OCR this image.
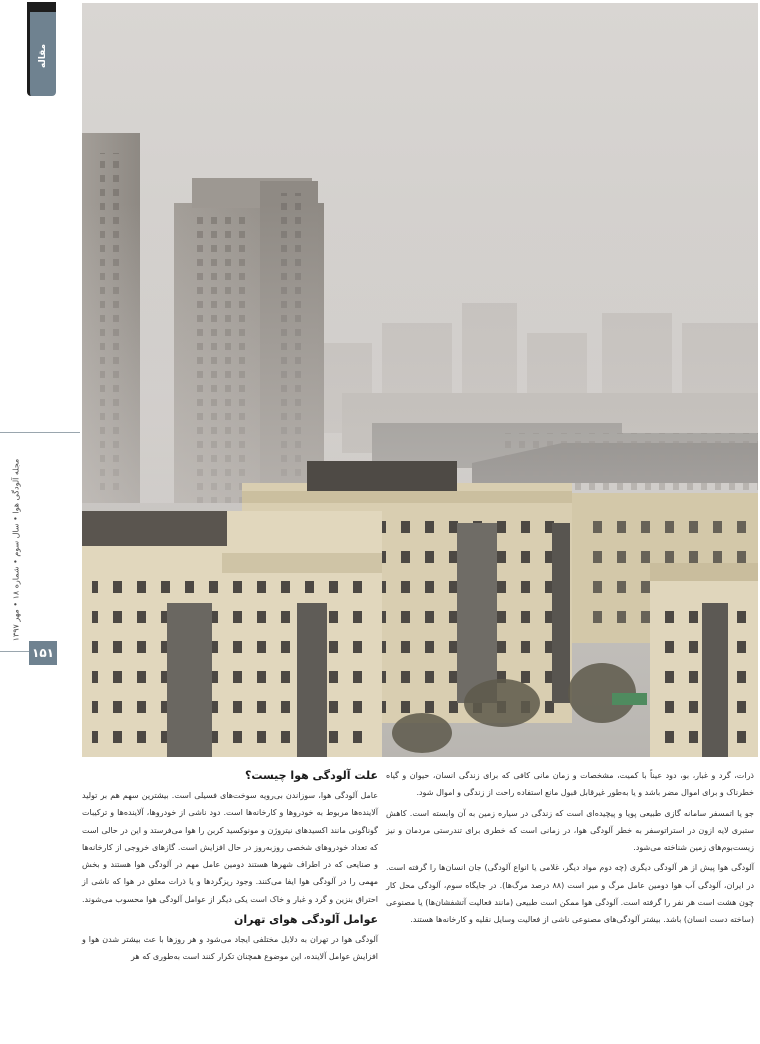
مقاله
مجله آلودگی هوا • سال سوم • شماره ۱۸ • مهر ۱۳۹۷
۱۵۱

ذرات، گرد و غبار، بو، دود عیناً با کمیت، مشخصات و زمان مانی کافی که برای زندگی انسان، حیوان و گیاه خطرناک و برای اموال مضر باشد و یا به‌طور غیرقابل قبول مانع استفاده راحت از زندگی و اموال شود.

جو یا اتمسفر سامانه گازی طبیعی پویا و پیچیده‌ای است که زندگی در سیاره زمین به آن وابسته است. کاهش ستبری لایه ازون در استراتوسفر به خطر آلودگی هوا، در زمانی است که خطری برای تندرستی مردمان و نیز زیست‌بوم‌های زمین شناخته می‌شود.

آلودگی هوا پیش از هر آلودگی دیگری (چه دوم مواد دیگر، غلامی یا انواع آلودگی) جان انسان‌ها را گرفته است. در ایران، آلودگی آب هوا دومین عامل مرگ و میر است (۸۸ درصد مرگ‌ها). در جایگاه سوم، آلودگی محل کار چون هشت است هر نفر را گرفته است. آلودگی هوا ممکن است طبیعی (مانند فعالیت آتشفشان‌ها) یا مصنوعی (ساخته دست انسان) باشد. بیشتر آلودگی‌های مصنوعی ناشی از فعالیت وسایل نقلیه و کارخانه‌ها هستند.

علت آلودگی هوا چیست؟

عامل آلودگی هوا، سوزاندن بی‌رویه سوخت‌های فسیلی است. بیشترین سهم هم بر تولید آلاینده‌ها مربوط به خودروها و کارخانه‌ها است. دود ناشی از خودروها، آلاینده‌ها و ترکیبات گوناگونی مانند اکسیدهای نیتروژن و مونوکسید کربن را هوا می‌فرستد و این در حالی است که تعداد خودروهای شخصی روزبه‌روز در حال افزایش است. گازهای خروجی از کارخانه‌ها و صنایعی که در اطراف شهرها هستند دومین عامل مهم در آلودگی هوا هستند و بخش مهمی را در آلودگی هوا ایفا می‌کنند. وجود ریزگردها و یا ذرات معلق در هوا که ناشی از احتراق بنزین و گرد و غبار و خاک است یکی دیگر از عوامل آلودگی هوا محسوب می‌شوند.

عوامل آلودگی هوای تهران

آلودگی هوا در تهران به دلایل مختلفی ایجاد می‌شود و هر روزها با عث بیشتر شدن هوا و افزایش عوامل آلاینده، این موضوع همچنان تکرار کنند است به‌طوری که هر
